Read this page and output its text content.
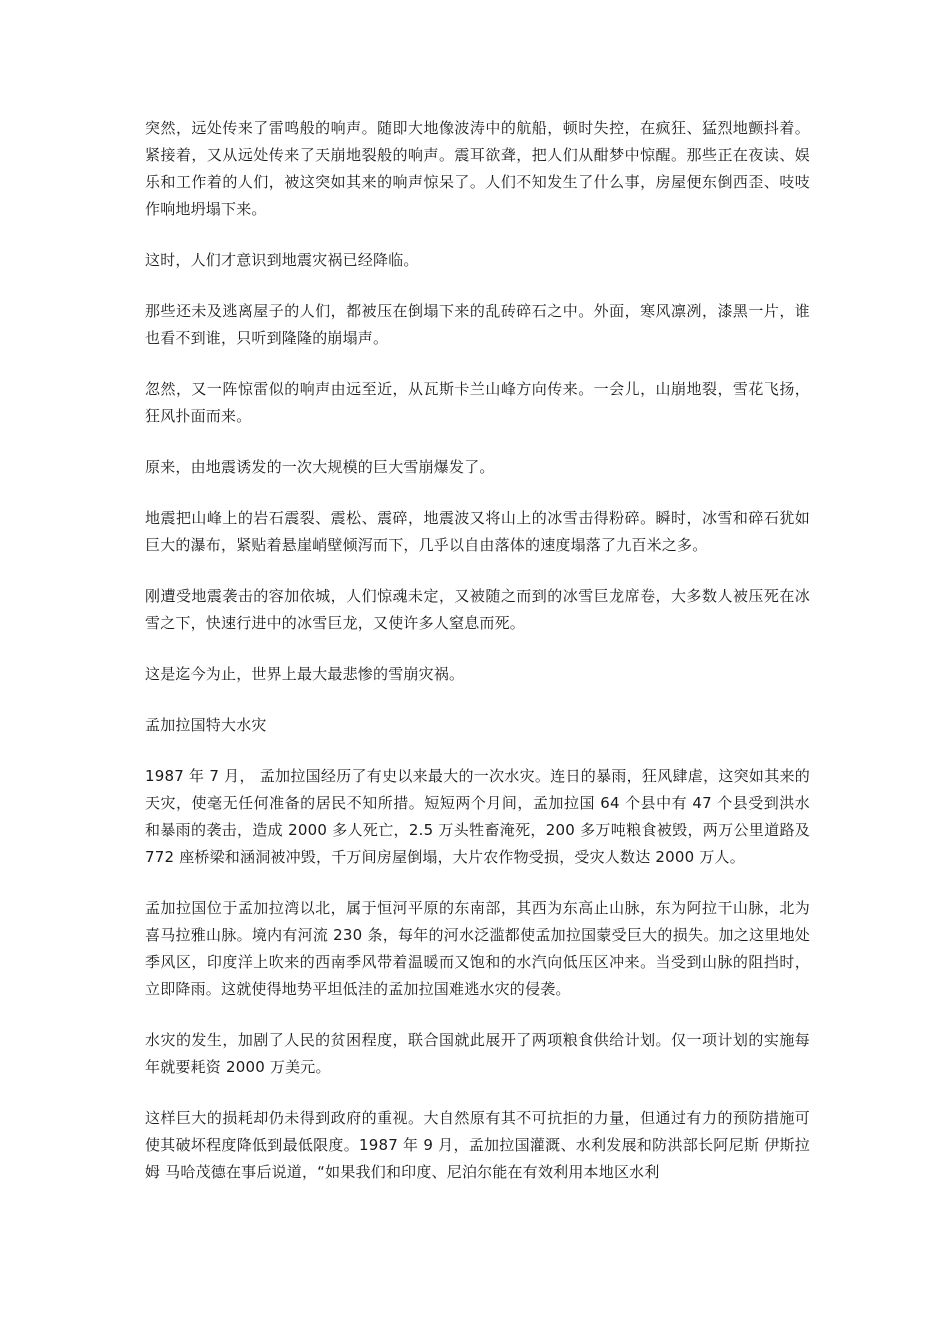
突然，远处传来了雷鸣般的响声。随即大地像波涛中的航船，顿时失控，在疯狂、猛烈地颤抖着。紧接着，又从远处传来了天崩地裂般的响声。震耳欲聋，把人们从酣梦中惊醒。那些正在夜读、娱乐和工作着的人们，被这突如其来的响声惊呆了。人们不知发生了什么事，房屋便东倒西歪、吱吱作响地坍塌下来。

这时，人们才意识到地震灾祸已经降临。

那些还未及逃离屋子的人们，都被压在倒塌下来的乱砖碎石之中。外面，寒风凛冽，漆黑一片，谁也看不到谁，只听到隆隆的崩塌声。

忽然，又一阵惊雷似的响声由远至近，从瓦斯卡兰山峰方向传来。一会儿，山崩地裂，雪花飞扬，狂风扑面而来。

原来，由地震诱发的一次大规模的巨大雪崩爆发了。

地震把山峰上的岩石震裂、震松、震碎，地震波又将山上的冰雪击得粉碎。瞬时，冰雪和碎石犹如巨大的瀑布，紧贴着悬崖峭壁倾泻而下，几乎以自由落体的速度塌落了九百米之多。

刚遭受地震袭击的容加依城，人们惊魂未定，又被随之而到的冰雪巨龙席卷，大多数人被压死在冰雪之下，快速行进中的冰雪巨龙，又使许多人窒息而死。

这是迄今为止，世界上最大最悲惨的雪崩灾祸。

孟加拉国特大水灾

1987 年 7 月， 孟加拉国经历了有史以来最大的一次水灾。连日的暴雨，狂风肆虐，这突如其来的天灾，使毫无任何准备的居民不知所措。短短两个月间，孟加拉国 64 个县中有 47 个县受到洪水和暴雨的袭击，造成 2000 多人死亡，2.5 万头牲畜淹死，200 多万吨粮食被毁，两万公里道路及 772 座桥梁和涵洞被冲毁，千万间房屋倒塌，大片农作物受损，受灾人数达 2000 万人。

孟加拉国位于孟加拉湾以北，属于恒河平原的东南部，其西为东高止山脉，东为阿拉干山脉，北为喜马拉雅山脉。境内有河流 230 条，每年的河水泛滥都使孟加拉国蒙受巨大的损失。加之这里地处季风区，印度洋上吹来的西南季风带着温暖而又饱和的水汽向低压区冲来。当受到山脉的阻挡时，立即降雨。这就使得地势平坦低洼的孟加拉国难逃水灾的侵袭。

水灾的发生，加剧了人民的贫困程度，联合国就此展开了两项粮食供给计划。仅一项计划的实施每年就要耗资 2000 万美元。

这样巨大的损耗却仍未得到政府的重视。大自然原有其不可抗拒的力量，但通过有力的预防措施可使其破坏程度降低到最低限度。1987 年 9 月，孟加拉国灌溉、水利发展和防洪部长阿尼斯 伊斯拉姆 马哈茂德在事后说道，“如果我们和印度、尼泊尔能在有效利用本地区水利
